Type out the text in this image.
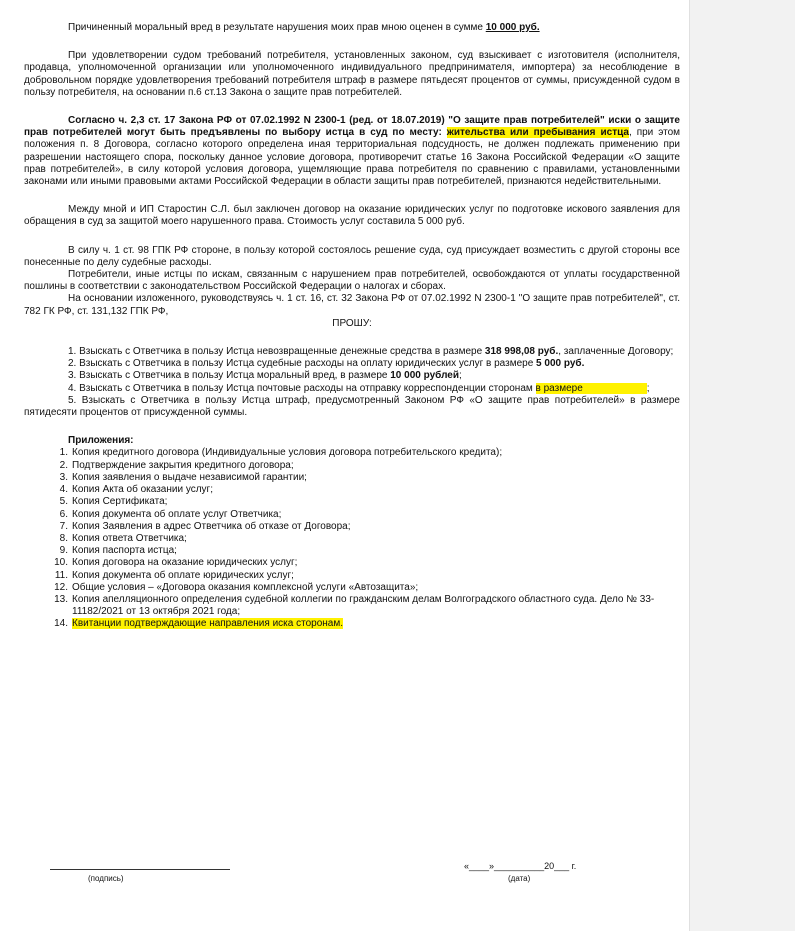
Причиненный моральный вред в результате нарушения моих прав мною оценен в сумме 10 000 руб.

При удовлетворении судом требований потребителя, установленных законом, суд взыскивает с изготовителя (исполнителя, продавца, уполномоченной организации или уполномоченного индивидуального предпринимателя, импортера) за несоблюдение в добровольном порядке удовлетворения требований потребителя штраф в размере пятьдесят процентов от суммы, присужденной судом в пользу потребителя, на основании п.6 ст.13 Закона о защите прав потребителей.

Согласно ч. 2,3 ст. 17 Закона РФ от 07.02.1992 N 2300-1 (ред. от 18.07.2019) "О защите прав потребителей" иски о защите прав потребителей могут быть предъявлены по выбору истца в суд по месту: жительства или пребывания истца, при этом положения п. 8 Договора, согласно которого определена иная территориальная подсудность, не должен подлежать применению при разрешении настоящего спора, поскольку данное условие договора, противоречит статье 16 Закона Российской Федерации «О защите прав потребителей», в силу которой условия договора, ущемляющие права потребителя по сравнению с правилами, установленными законами или иными правовыми актами Российской Федерации в области защиты прав потребителей, признаются недействительными.

Между мной и ИП Старостин С.Л. был заключен договор на оказание юридических услуг по подготовке искового заявления для обращения в суд за защитой моего нарушенного права. Стоимость услуг составила 5 000 руб.

В силу ч. 1 ст. 98 ГПК РФ стороне, в пользу которой состоялось решение суда, суд присуждает возместить с другой стороны все понесенные по делу судебные расходы.

Потребители, иные истцы по искам, связанным с нарушением прав потребителей, освобождаются от уплаты государственной пошлины в соответствии с законодательством Российской Федерации о налогах и сборах.

На основании изложенного, руководствуясь ч. 1 ст. 16, ст. 32 Закона РФ от 07.02.1992 N 2300-1 "О защите прав потребителей", ст. 782 ГК РФ, ст. 131,132 ГПК РФ,

ПРОШУ:

1. Взыскать с Ответчика в пользу Истца невозвращенные денежные средства в размере 318 998,08 руб., заплаченные Договору;

2. Взыскать с Ответчика в пользу Истца судебные расходы на оплату юридических услуг в размере 5 000 руб.

3. Взыскать с Ответчика в пользу Истца моральный вред, в размере 10 000 рублей;

4. Взыскать с Ответчика в пользу Истца почтовые расходы на отправку корреспонденции сторонам в размере	;

5. Взыскать с Ответчика в пользу Истца штраф, предусмотренный Законом РФ «О защите прав потребителей» в размере пятидесяти процентов от присужденной суммы.

Приложения:

1. Копия кредитного договора (Индивидуальные условия договора потребительского кредита);
2. Подтверждение закрытия кредитного договора;
3. Копия заявления о выдаче независимой гарантии;
4. Копия Акта об оказании услуг;
5. Копия Сертификата;
6. Копия документа об оплате услуг Ответчика;
7. Копия Заявления в адрес Ответчика об отказе от Договора;
8. Копия ответа Ответчика;
9. Копия паспорта истца;
10. Копия договора на оказание юридических услуг;
11. Копия документа об оплате юридических услуг;
12. Общие условия – «Договора оказания комплексной услуги «Автозащита»;
13. Копия апелляционного определения судебной коллегии по гражданским делам Волгоградского областного суда. Дело № 33-11182/2021 от 13 октября 2021 года;
14. Квитанции подтверждающие направления иска сторонам.
(подпись)
«____»__________20___ г.
(дата)
